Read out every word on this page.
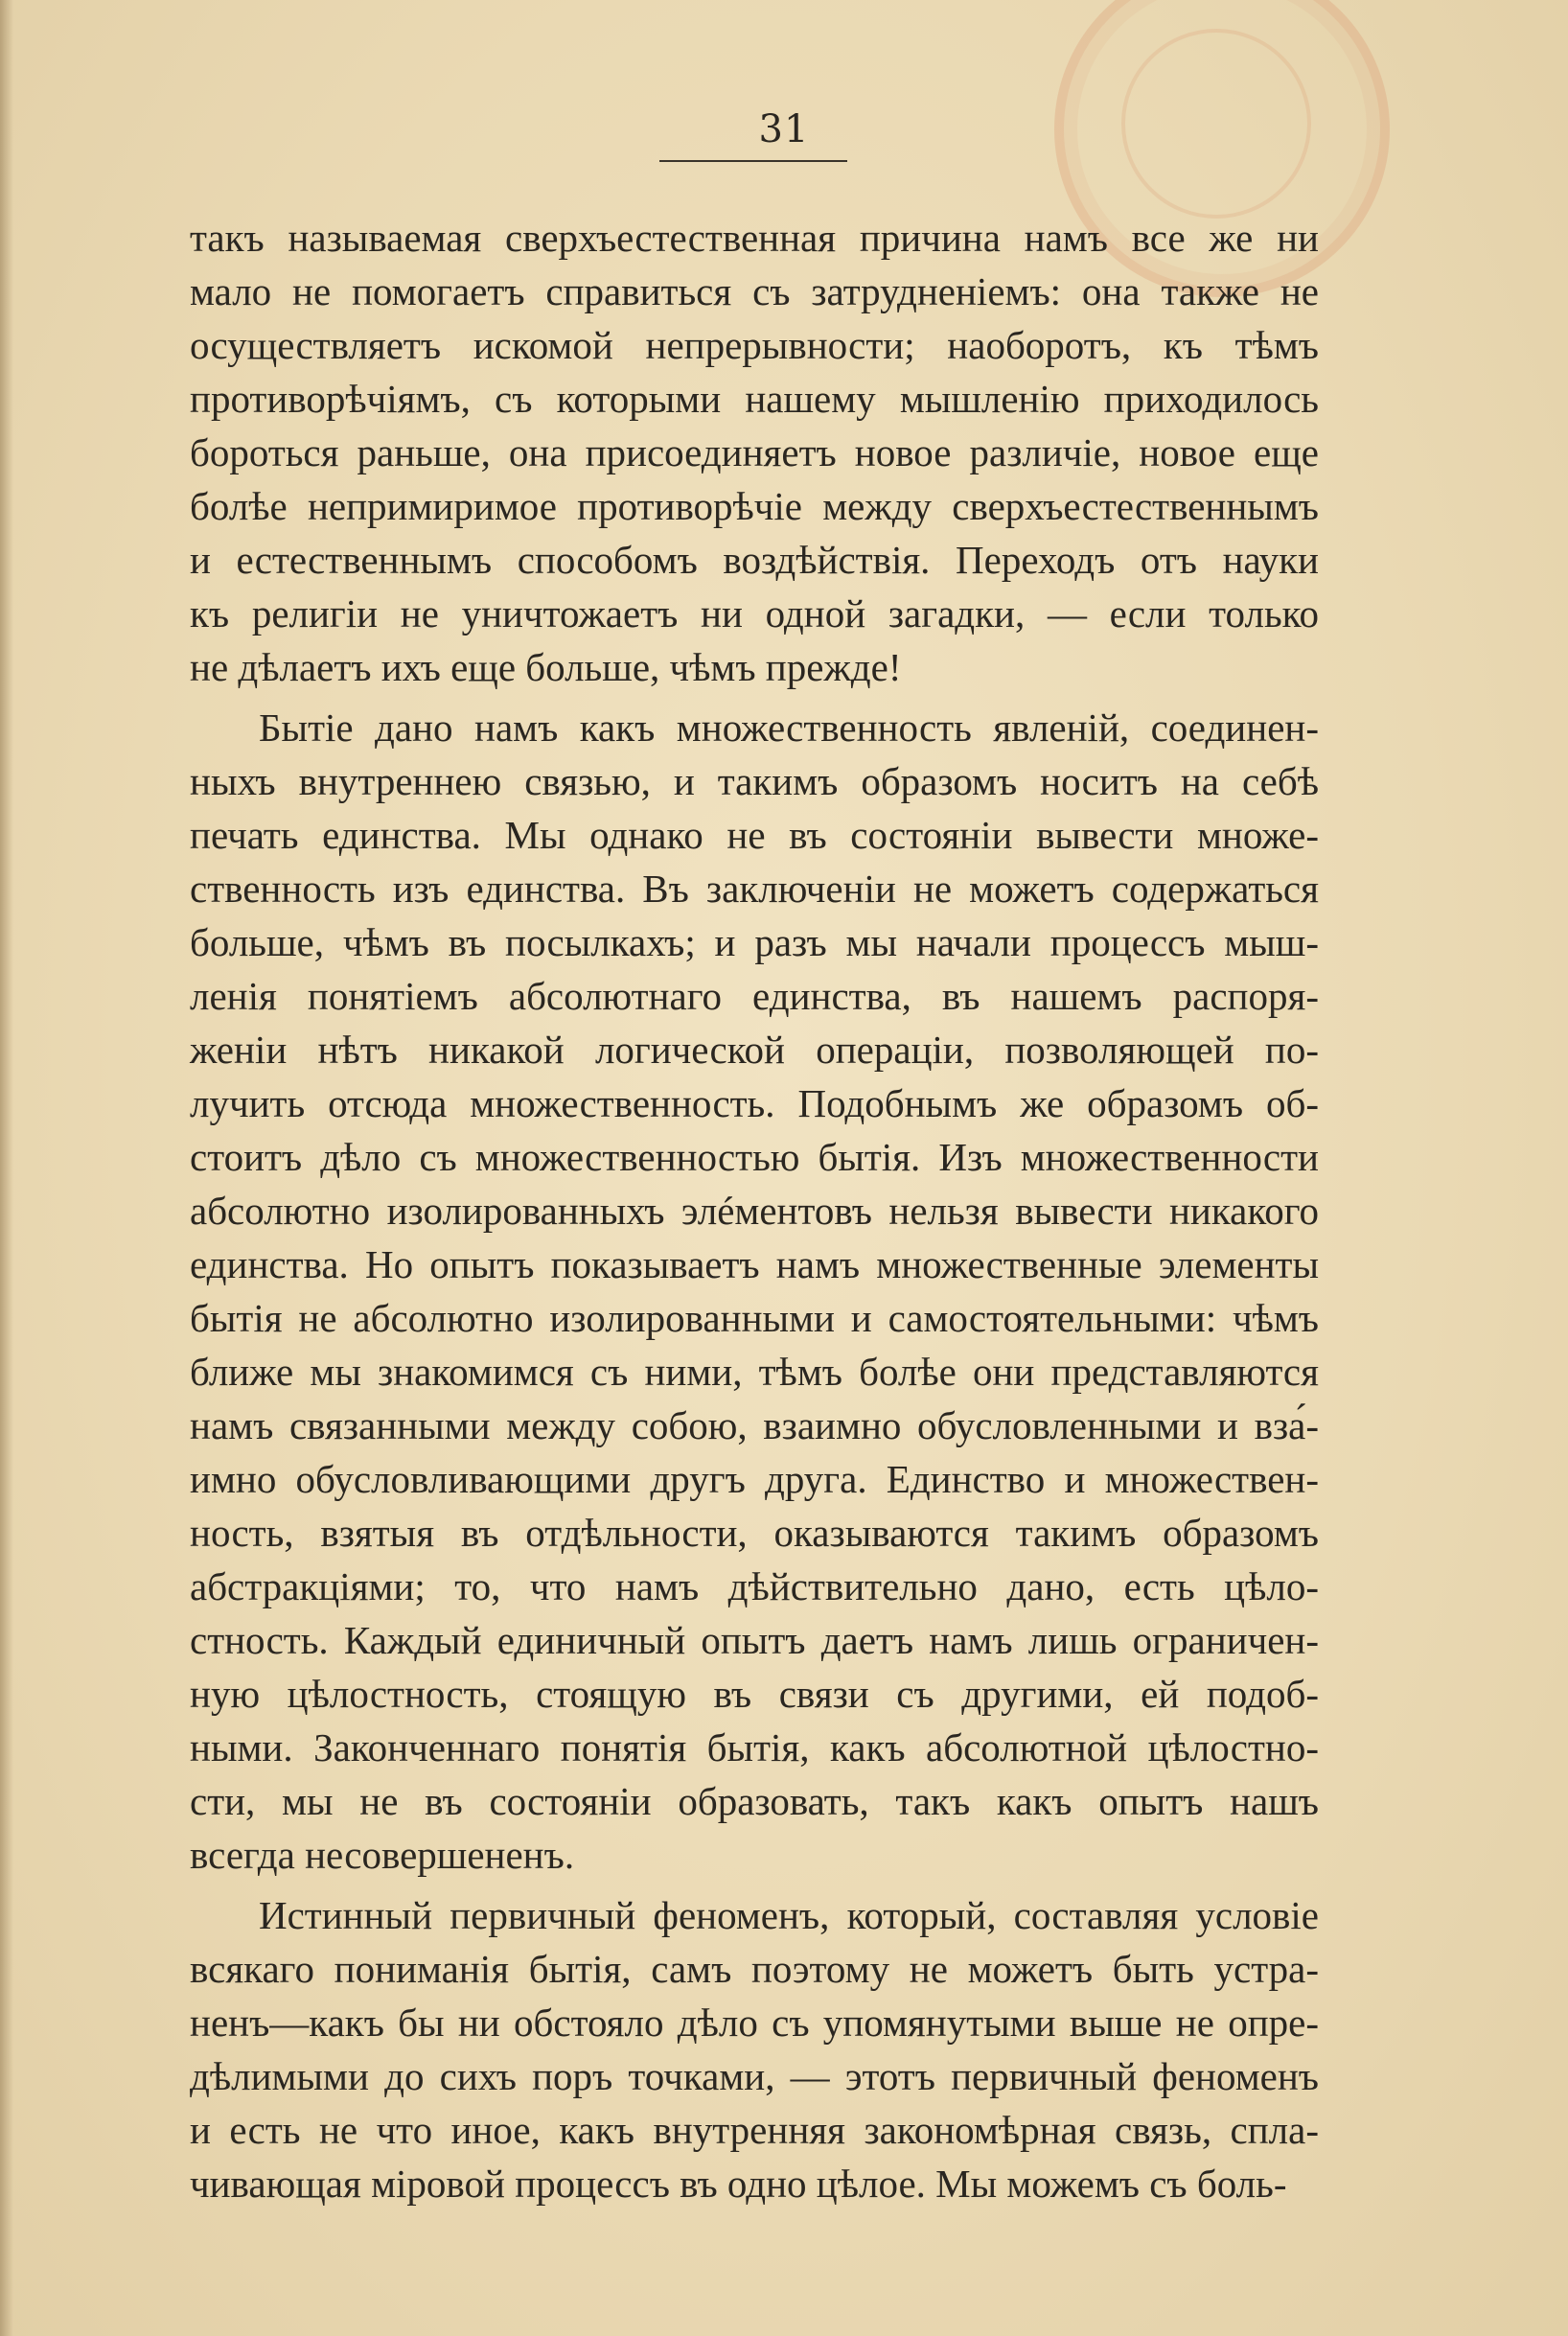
31
такъ называемая сверхъестественная причина намъ все же ни
мало не помогаетъ справиться съ затрудненіемъ: она также не
осуществляетъ искомой непрерывности; наоборотъ, къ тѣмъ
противорѣчіямъ, съ которыми нашему мышленію приходилось
бороться раньше, она присоединяетъ новое различіе, новое еще
болѣе непримиримое противорѣчіе между сверхъестественнымъ
и естественнымъ способомъ воздѣйствія. Переходъ отъ науки
къ религіи не уничтожаетъ ни одной загадки, — если только
не дѣлаетъ ихъ еще больше, чѣмъ прежде!
Бытіе дано намъ какъ множественность явленій, соединен-
ныхъ внутреннею связью, и такимъ образомъ носитъ на себѣ
печать единства. Мы однако не въ состояніи вывести множе-
ственность изъ единства. Въ заключеніи не можетъ содержаться
больше, чѣмъ въ посылкахъ; и разъ мы начали процессъ мыш-
ленія понятіемъ абсолютнаго единства, въ нашемъ распоря-
женіи нѣтъ никакой логической операціи, позволяющей по-
лучить отсюда множественность. Подобнымъ же образомъ об-
стоитъ дѣло съ множественностью бытія. Изъ множественности
абсолютно изолированныхъ элéментовъ нельзя вывести никакого
единства. Но опытъ показываетъ намъ множественные элементы
бытія не абсолютно изолированными и самостоятельными: чѣмъ
ближе мы знакомимся съ ними, тѣмъ болѣе они представляются
намъ связанными между собою, взаимно обусловленными и вза́-
имно обусловливающими другъ друга. Единство и множествен-
ность, взятыя въ отдѣльности, оказываются такимъ образомъ
абстракціями; то, что намъ дѣйствительно дано, есть цѣло-
стность. Каждый единичный опытъ даетъ намъ лишь ограничен-
ную цѣлостность, стоящую въ связи съ другими, ей подоб-
ными. Законченнаго понятія бытія, какъ абсолютной цѣлостно-
сти, мы не въ состояніи образовать, такъ какъ опытъ нашъ
всегда несовершененъ.
Истинный первичный феноменъ, который, составляя условіе
всякаго пониманія бытія, самъ поэтому не можетъ быть устра-
ненъ—какъ бы ни обстояло дѣло съ упомянутыми выше не опре-
дѣлимыми до сихъ поръ точками, — этотъ первичный феноменъ
и есть не что иное, какъ внутренняя закономѣрная связь, спла-
чивающая міровой процессъ въ одно цѣлое. Мы можемъ съ боль-
